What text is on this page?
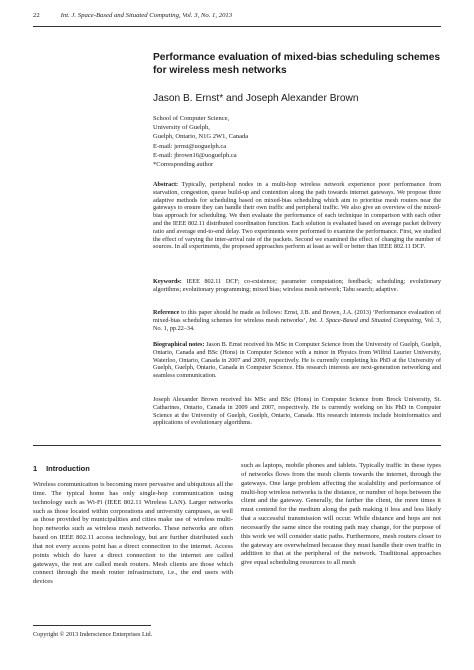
22	Int. J. Space-Based and Situated Computing, Vol. 3, No. 1, 2013
Performance evaluation of mixed-bias scheduling schemes for wireless mesh networks
Jason B. Ernst* and Joseph Alexander Brown
School of Computer Science,
University of Guelph,
Guelph, Ontario, N1G 2W1, Canada
E-mail: jernst@uoguelph.ca
E-mail: jbrown16@uoguelph.ca
*Corresponding author
Abstract: Typically, peripheral nodes in a multi-hop wireless network experience poor performance from starvation, congestion, queue build-up and contention along the path towards internet gateways. We propose three adaptive methods for scheduling based on mixed-bias scheduling which aim to prioritise mesh routers near the gateways to ensure they can handle their own traffic and peripheral traffic. We also give an overview of the mixed-bias approach for scheduling. We then evaluate the performance of each technique in comparison with each other and the IEEE 802.11 distributed coordination function. Each solution is evaluated based on average packet delivery ratio and average end-to-end delay. Two experiments were performed to examine the performance. First, we studied the effect of varying the inter-arrival rate of the packets. Second we examined the effect of changing the number of sources. In all experiments, the proposed approaches perform at least as well or better than IEEE 802.11 DCF.
Keywords: IEEE 802.11 DCF; co-existence; parameter computation; feedback; scheduling; evolutionary algorithms; evolutionary programming; mixed bias; wireless mesh network; Tabu search; adaptive.
Reference to this paper should be made as follows: Ernst, J.B. and Brown, J.A. (2013) ‘Performance evaluation of mixed-bias scheduling schemes for wireless mesh networks’, Int. J. Space-Based and Situated Computing, Vol. 3, No. 1, pp.22–34.
Biographical notes: Jason B. Ernst received his MSc in Computer Science from the University of Guelph, Guelph, Ontario, Canada and BSc (Hons) in Computer Science with a minor in Physics from Wilfrid Laurier University, Waterloo, Ontario, Canada in 2007 and 2009, respectively. He is currently completing his PhD at the University of Guelph, Guelph, Ontario, Canada in Computer Science. His research interests are next-generation networking and seamless communication.
Joseph Alexander Brown received his MSc and BSc (Hons) in Computer Science from Brock University, St. Catharines, Ontario, Canada in 2009 and 2007, respectively. He is currently working on his PhD in Computer Science at the University of Guelph, Guelph, Ontario, Canada. His research interests include bioinformatics and applications of evolutionary algorithms.
1 Introduction
Wireless communication is becoming more pervasive and ubiquitous all the time. The typical home has only single-hop communication using technology such as Wi-Fi (IEEE 802.11 Wireless LAN). Larger networks such as those located within corporations and university campuses, as well as those provided by municipalities and cities make use of wireless multi-hop networks such as wireless mesh networks. These networks are often based on IEEE 802.11 access technology, but are further distributed such that not every access point has a direct connection to the internet. Access points which do have a direct connection to the internet are called gateways, the rest are called mesh routers. Mesh clients are those which connect through the mesh router infrastructure, i.e., the end users with devices
such as laptops, mobile phones and tablets. Typically traffic in these types of networks flows from the mesh clients towards the internet, through the gateways. One large problem affecting the scalability and performance of multi-hop wireless networks is the distance, or number of hops between the client and the gateway. Generally, the farther the client, the more times it must contend for the medium along the path making it less and less likely that a successful transmission will occur. While distance and hops are not necessarily the same since the routing path may change, for the purpose of this work we will consider static paths. Furthermore, mesh routers closer to the gateway are overwhelmed because they must handle their own traffic in addition to that at the peripheral of the network. Traditional approaches give equal scheduling resources to all mesh
Copyright © 2013 Inderscience Enterprises Ltd.
